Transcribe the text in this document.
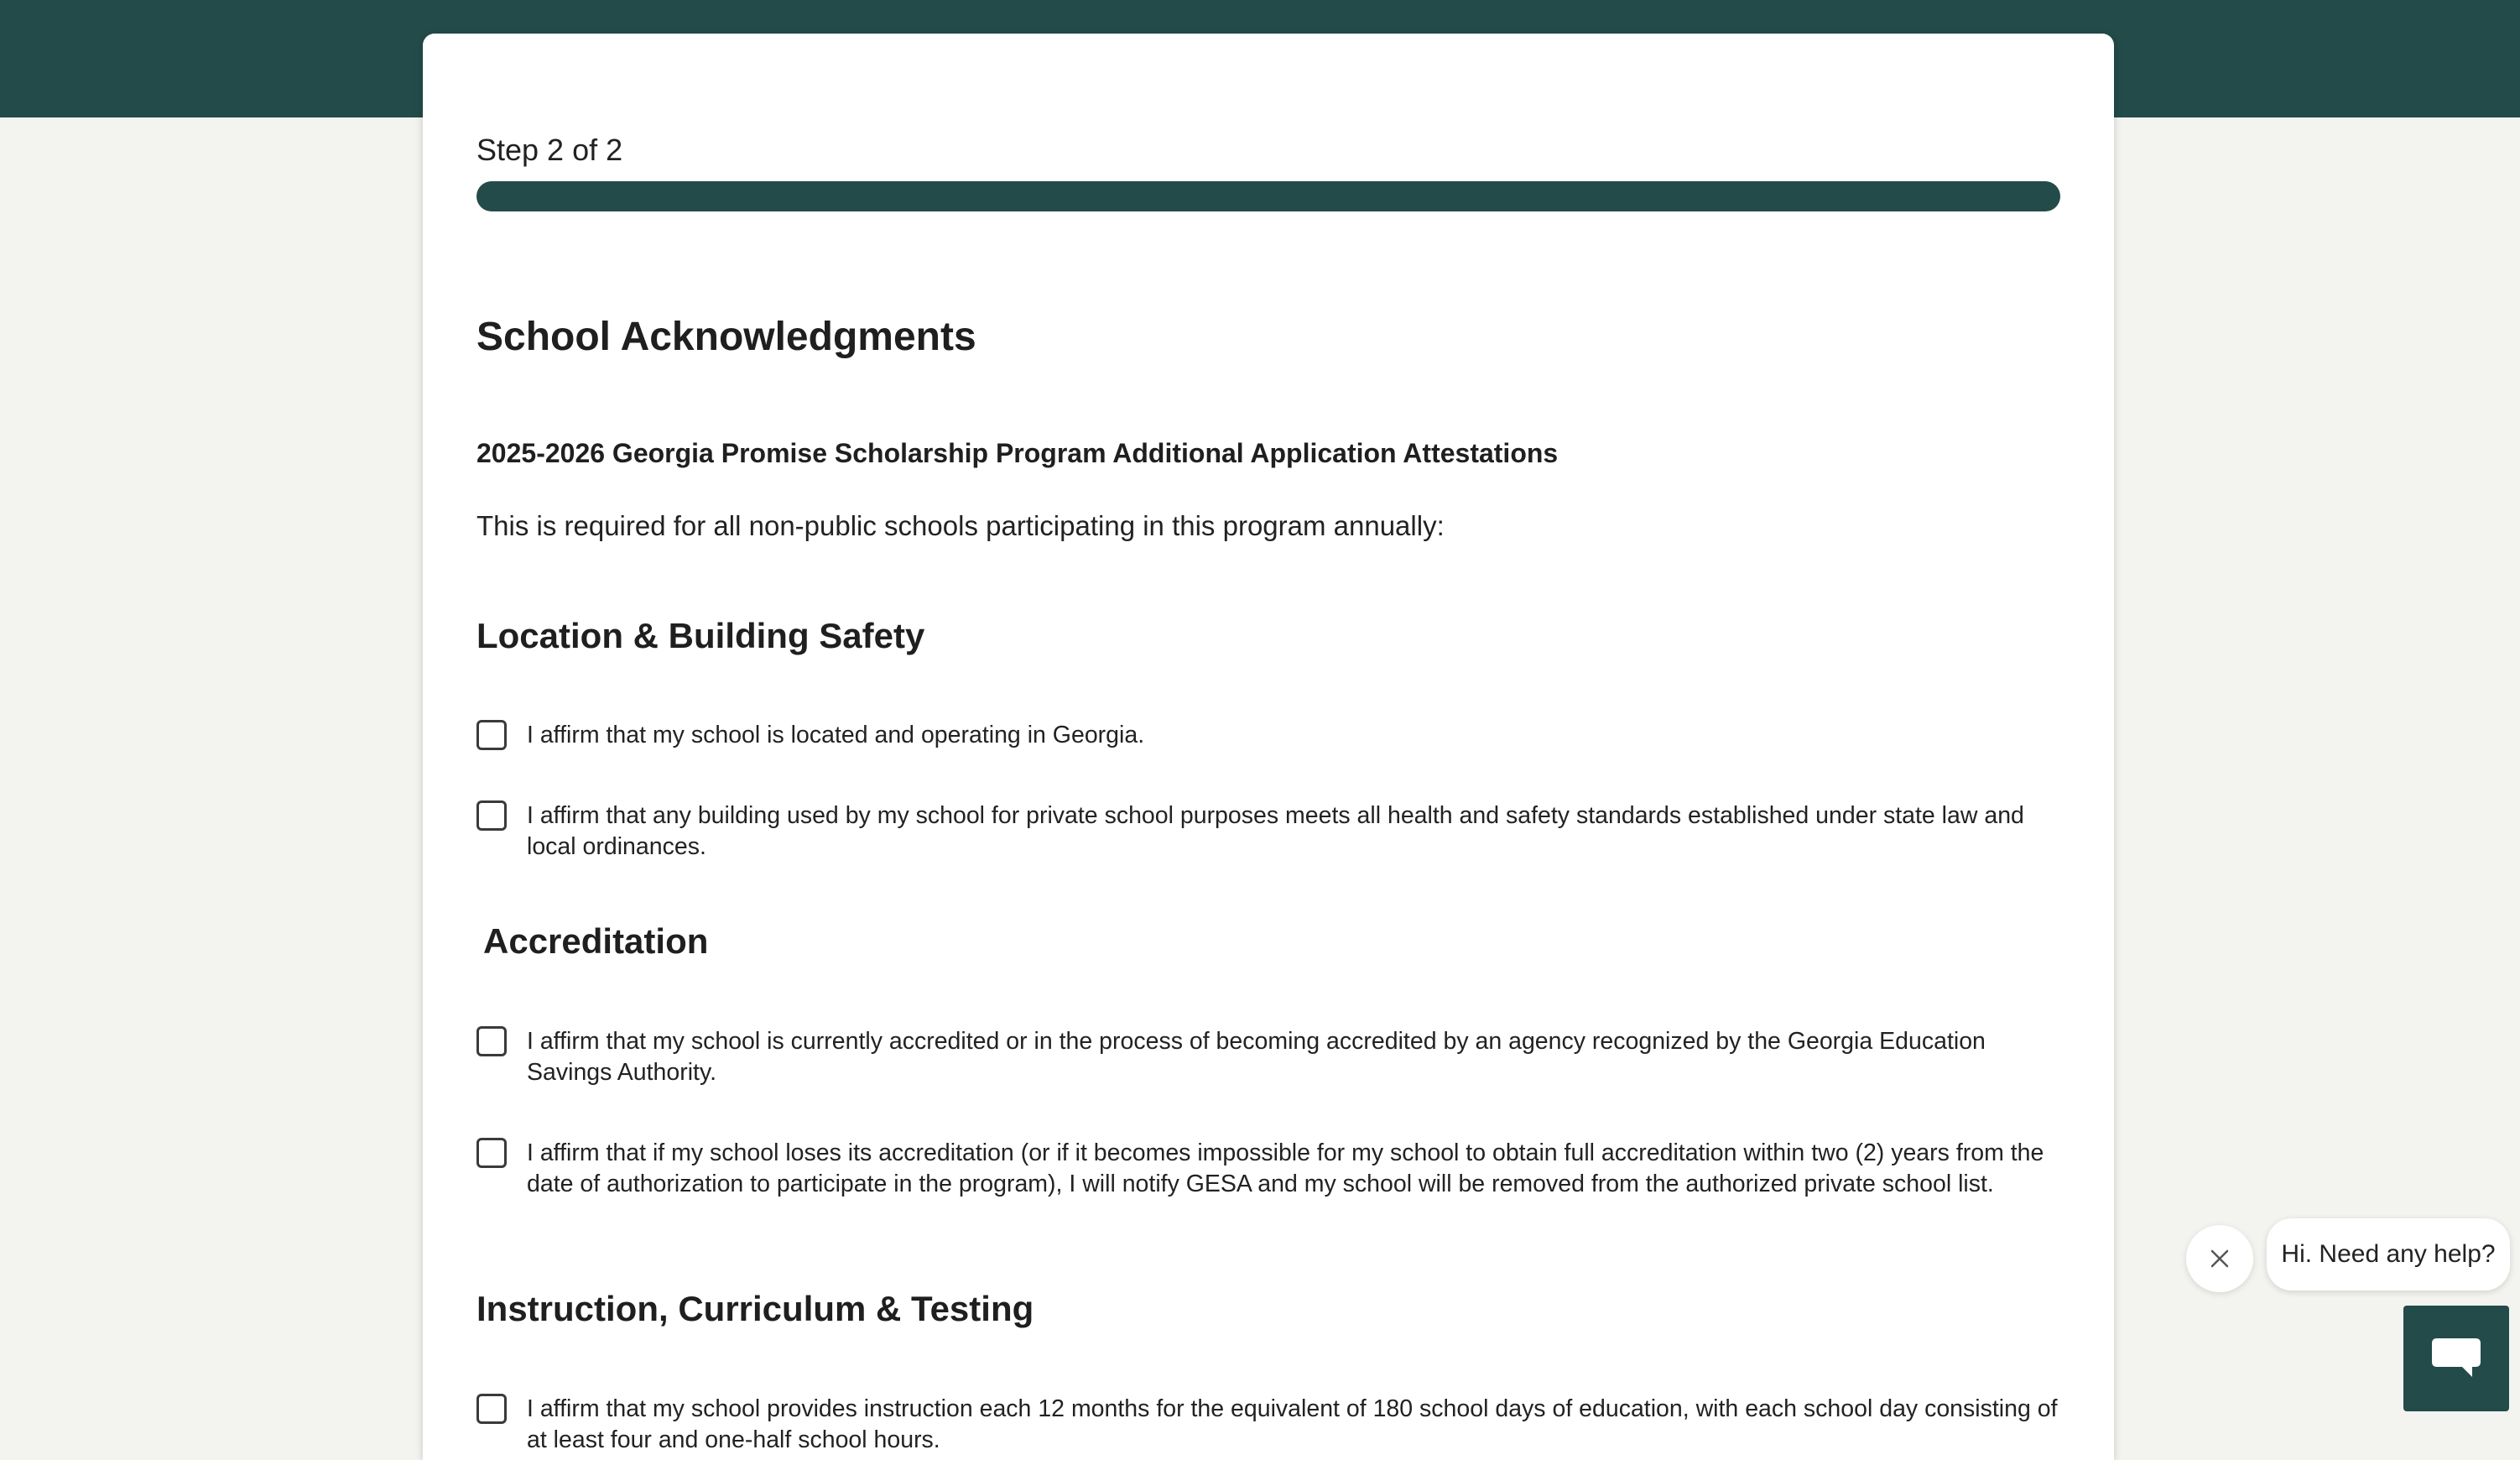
Step 2 of 2
School Acknowledgments
2025-2026 Georgia Promise Scholarship Program Additional Application Attestations

This is required for all non-public schools participating in this program annually:

Location & Building Safety
I affirm that my school is located and operating in Georgia.
I affirm that any building used by my school for private school purposes meets all health and safety standards established under state law and local ordinances.
Accreditation
I affirm that my school is currently accredited or in the process of becoming accredited by an agency recognized by the Georgia Education Savings Authority.
I affirm that if my school loses its accreditation (or if it becomes impossible for my school to obtain full accreditation within two (2) years from the date of authorization to participate in the program), I will notify GESA and my school will be removed from the authorized private school list.
Instruction, Curriculum & Testing
I affirm that my school provides instruction each 12 months for the equivalent of 180 school days of education, with each school day consisting of at least four and one-half school hours.
Hi. Need any help?
